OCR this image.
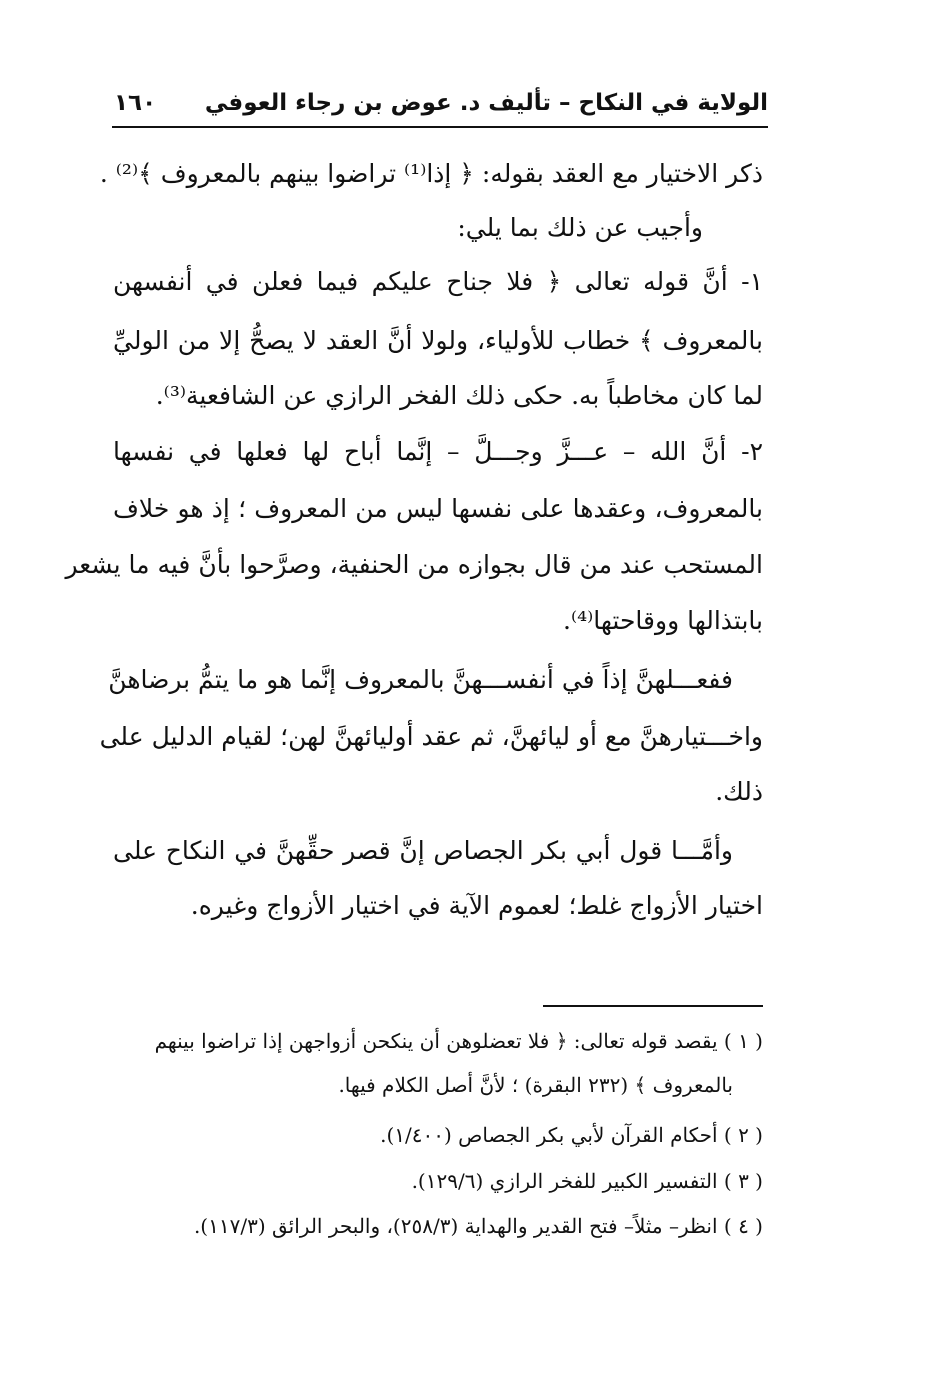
الولاية في النكاح – تأليف د. عوض بن رجاء العوفي
١٦٠
ذكر الاختيار مع العقد بقوله: ﴿ إذا⁽¹⁾ تراضوا بينهم بالمعروف ﴾⁽²⁾ .
وأجيب عن ذلك بما يلي:
١- أنَّ قوله تعالى ﴿ فلا جناح عليكم فيما فعلن في أنفسهن
بالمعروف ﴾ خطاب للأولياء، ولولا أنَّ العقد لا يصحُّ إلا من الوليِّ
لما كان مخاطباً به. حكى ذلك الفخر الرازي عن الشافعية⁽³⁾.
٢- أنَّ الله – عـــزَّ وجـــلَّ – إنَّما أباح لها فعلها في نفسها
بالمعروف، وعقدها على نفسها ليس من المعروف ؛ إذ هو خلاف
المستحب عند من قال بجوازه من الحنفية، وصرَّحوا بأنَّ فيه ما يشعر
بابتذالها ووقاحتها⁽⁴⁾.
ففعـــلهنَّ إذاً في أنفســـهنَّ بالمعروف إنَّما هو ما يتمُّ برضاهنَّ
واخـــتيارهنَّ مع أو ليائهنَّ، ثم عقد أوليائهنَّ لهن؛ لقيام الدليل على
ذلك.
وأمَّـــا قول أبي بكر الجصاص إنَّ قصر حقِّهنَّ في النكاح على
اختيار الأزواج غلط؛ لعموم الآية في اختيار الأزواج وغيره.
( ١ ) يقصد قوله تعالى: ﴿ فلا تعضلوهن أن ينكحن أزواجهن إذا تراضوا بينهم
بالمعروف ﴾ (٢٣٢ البقرة) ؛ لأنَّ أصل الكلام فيها.
( ٢ ) أحكام القرآن لأبي بكر الجصاص (١/٤٠٠).
( ٣ ) التفسير الكبير للفخر الرازي (١٢٩/٦).
( ٤ ) انظر– مثلاً– فتح القدير والهداية (٢٥٨/٣)، والبحر الرائق (١١٧/٣).
